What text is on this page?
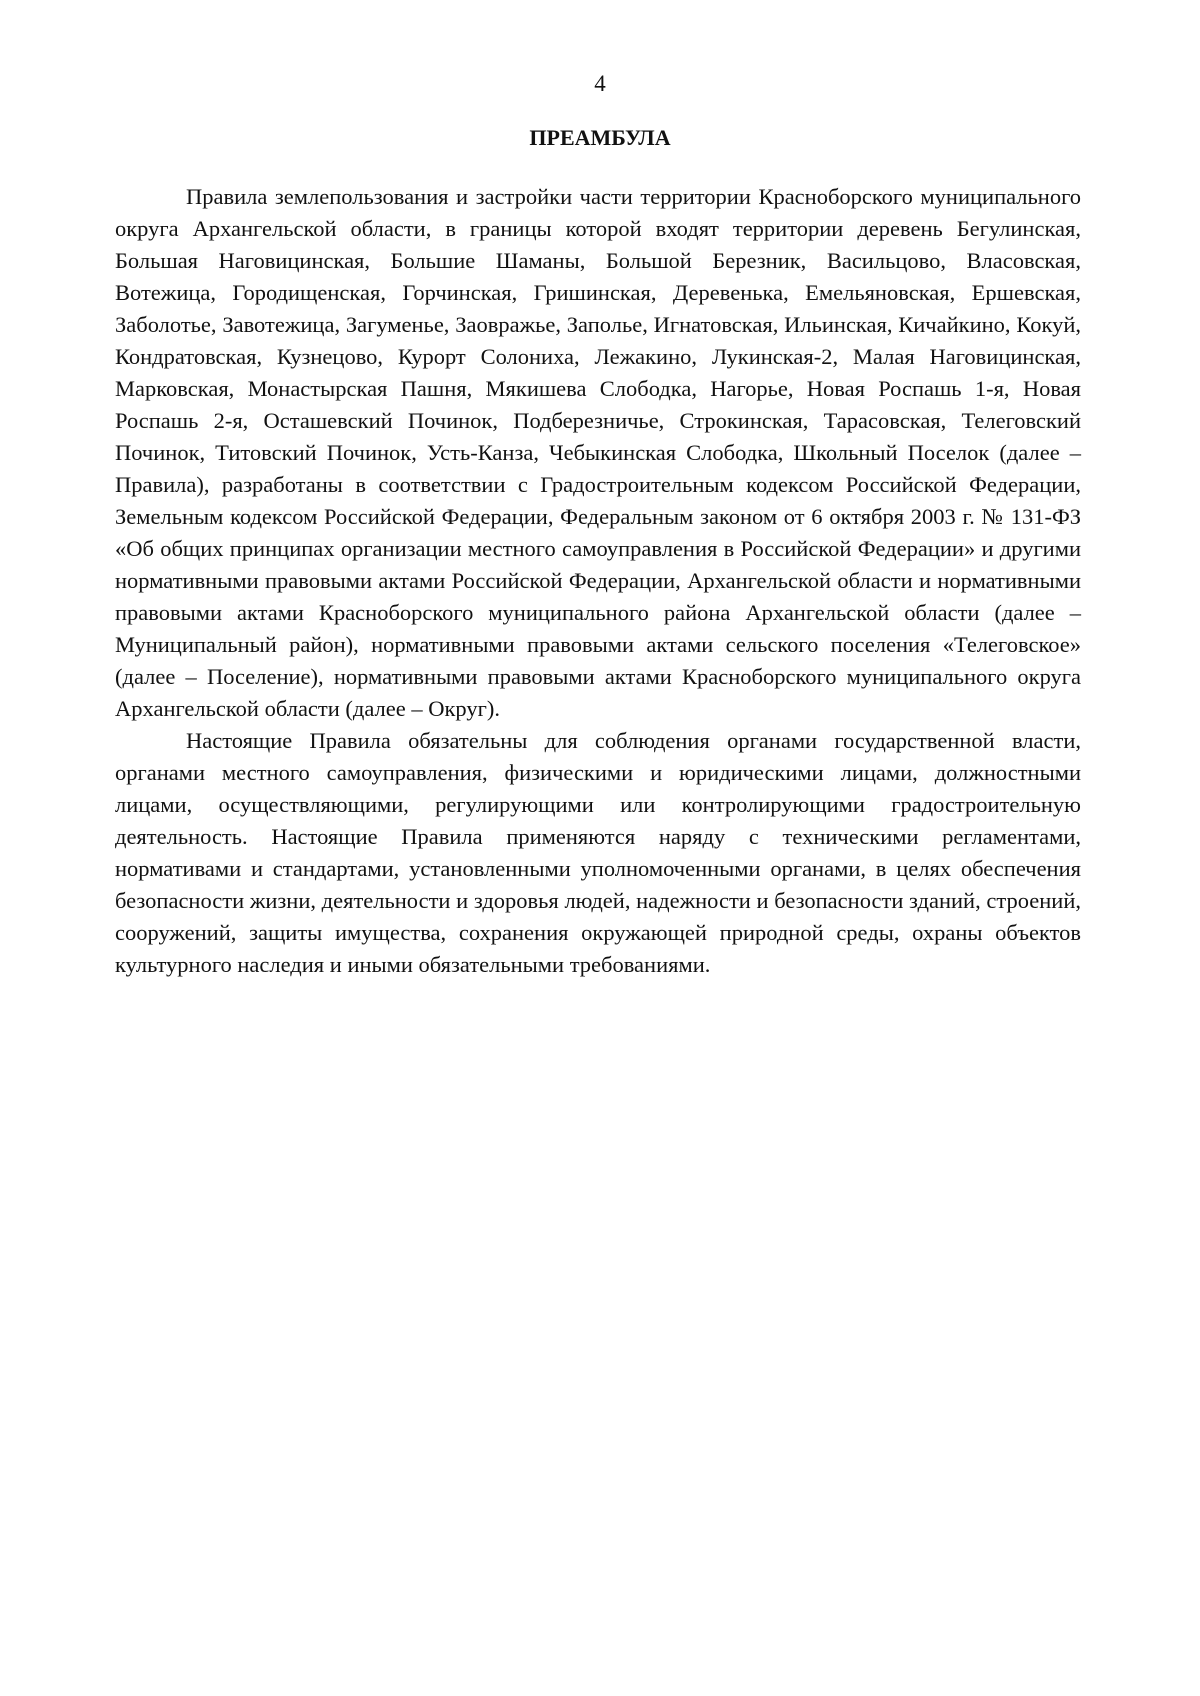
4

ПРЕАМБУЛА

Правила землепользования и застройки части территории Красноборского муниципального округа Архангельской области, в границы которой входят территории деревень Бегулинская, Большая Наговицинская, Большие Шаманы, Большой Березник, Васильцово, Власовская, Вотежица, Городищенская, Горчинская, Гришинская, Деревенька, Емельяновская, Ершевская, Заболотье, Завотежица, Загуменье, Заовражье, Заполье, Игнатовская, Ильинская, Кичайкино, Кокуй, Кондратовская, Кузнецово, Курорт Солониха, Лежакино, Лукинская-2, Малая Наговицинская, Марковская, Монастырская Пашня, Мякишева Слободка, Нагорье, Новая Роспашь 1-я, Новая Роспашь 2-я, Осташевский Починок, Подберезничье, Строкинская, Тарасовская, Телеговский Починок, Титовский Починок, Усть-Канза, Чебыкинская Слободка, Школьный Поселок (далее – Правила), разработаны в соответствии с Градостроительным кодексом Российской Федерации, Земельным кодексом Российской Федерации, Федеральным законом от 6 октября 2003 г. № 131-ФЗ «Об общих принципах организации местного самоуправления в Российской Федерации» и другими нормативными правовыми актами Российской Федерации, Архангельской области и нормативными правовыми актами Красноборского муниципального района Архангельской области (далее – Муниципальный район), нормативными правовыми актами сельского поселения «Телеговское» (далее – Поселение), нормативными правовыми актами Красноборского муниципального округа Архангельской области (далее – Округ).

Настоящие Правила обязательны для соблюдения органами государственной власти, органами местного самоуправления, физическими и юридическими лицами, должностными лицами, осуществляющими, регулирующими или контролирующими градостроительную деятельность. Настоящие Правила применяются наряду с техническими регламентами, нормативами и стандартами, установленными уполномоченными органами, в целях обеспечения безопасности жизни, деятельности и здоровья людей, надежности и безопасности зданий, строений, сооружений, защиты имущества, сохранения окружающей природной среды, охраны объектов культурного наследия и иными обязательными требованиями.
